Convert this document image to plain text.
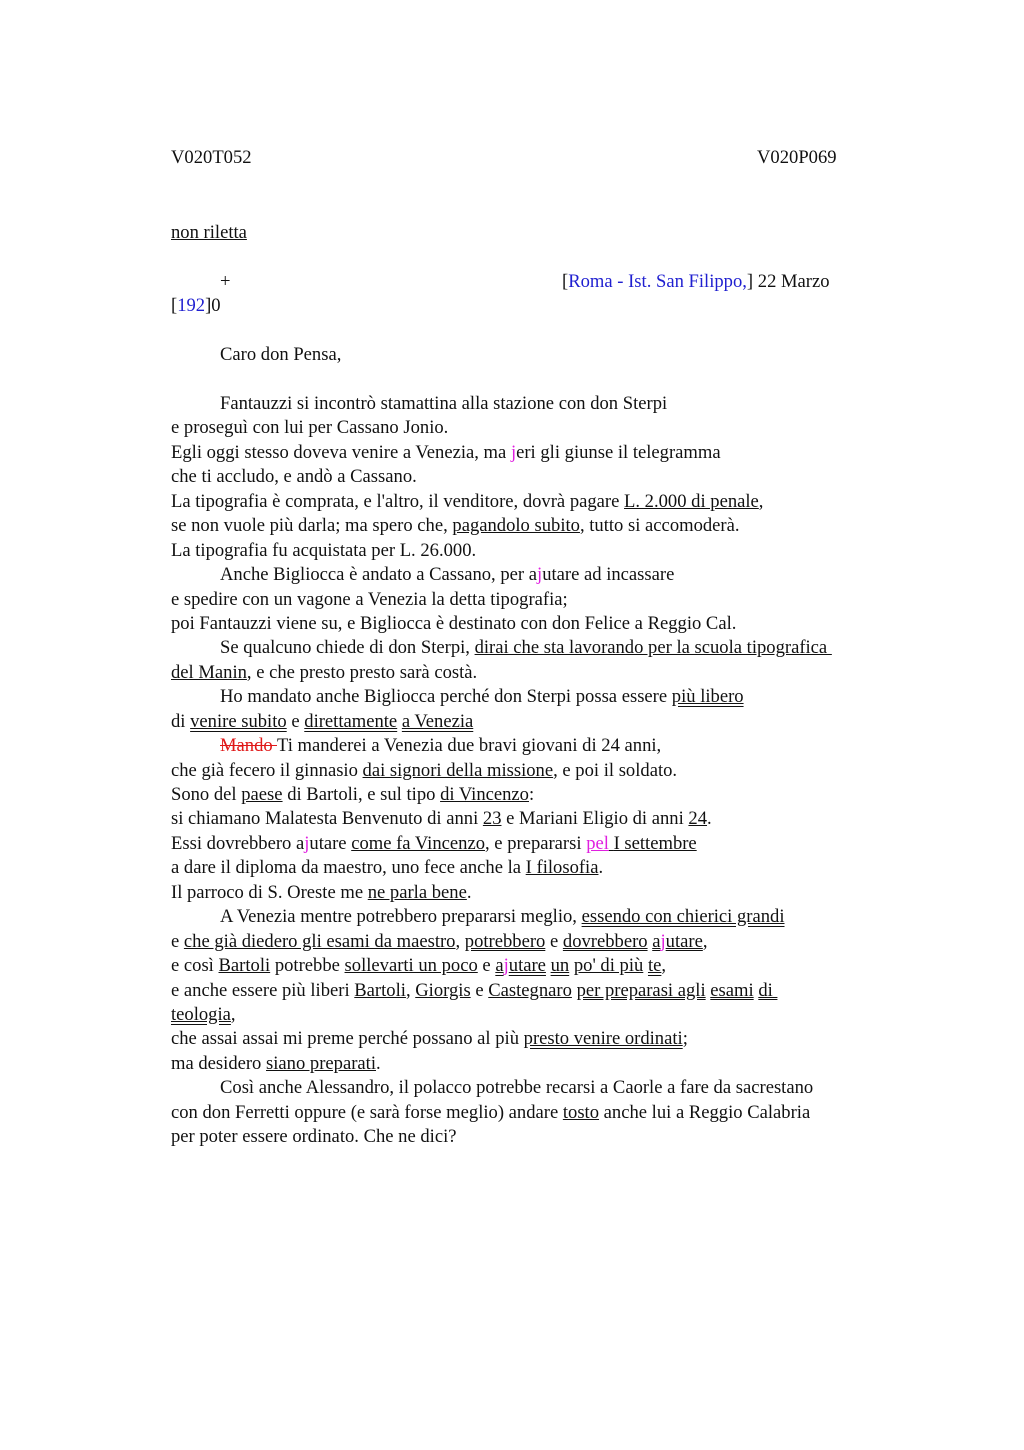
V020T052	V020P069
non riletta
+	[Roma - Ist. San Filippo,] 22 Marzo
[192]0
Caro don Pensa,
Fantauzzi si incontrò stamattina alla stazione con don Sterpi
e proseguì con lui per Cassano Jonio.
Egli oggi stesso doveva venire a Venezia, ma jeri gli giunse il telegramma
che ti accludo, e andò a Cassano.
La tipografia è comprata, e l'altro, il venditore, dovrà pagare L. 2.000 di penale,
se non vuole più darla; ma spero che, pagandolo subito, tutto si accomoderà.
La tipografia fu acquistata per L. 26.000.
Anche Bigliocca è andato a Cassano, per ajutare ad incassare
e spedire con un vagone a Venezia la detta tipografia;
poi Fantauzzi viene su, e Bigliocca è destinato con don Felice a Reggio Cal.
Se qualcuno chiede di don Sterpi, dirai che sta lavorando per la scuola tipografica
del Manin, e che presto presto sarà costà.
Ho mandato anche Bigliocca perché don Sterpi possa essere più libero
di venire subito e direttamente a Venezia
Mando Ti manderei a Venezia due bravi giovani di 24 anni,
che già fecero il ginnasio dai signori della missione, e poi il soldato.
Sono del paese di Bartoli, e sul tipo di Vincenzo:
si chiamano Malatesta Benvenuto di anni 23 e Mariani Eligio di anni 24.
Essi dovrebbero ajutare come fa Vincenzo, e prepararsi pel I settembre
a dare il diploma da maestro, uno fece anche la I filosofia.
Il parroco di S. Oreste me ne parla bene.
A Venezia mentre potrebbero prepararsi meglio, essendo con chierici grandi
e che già diedero gli esami da maestro, potrebbero e dovrebbero ajutare,
e così Bartoli potrebbe sollevarti un poco e ajutare un po' di più te,
e anche essere più liberi Bartoli, Giorgis e Castegnaro per preparasi agli esami di
teologia,
che assai assai mi preme perché possano al più presto venire ordinati;
ma desidero siano preparati.
Così anche Alessandro, il polacco potrebbe recarsi a Caorle a fare da sacrestano
con don Ferretti oppure (e sarà forse meglio) andare tosto anche lui a Reggio Calabria
per poter essere ordinato. Che ne dici?
